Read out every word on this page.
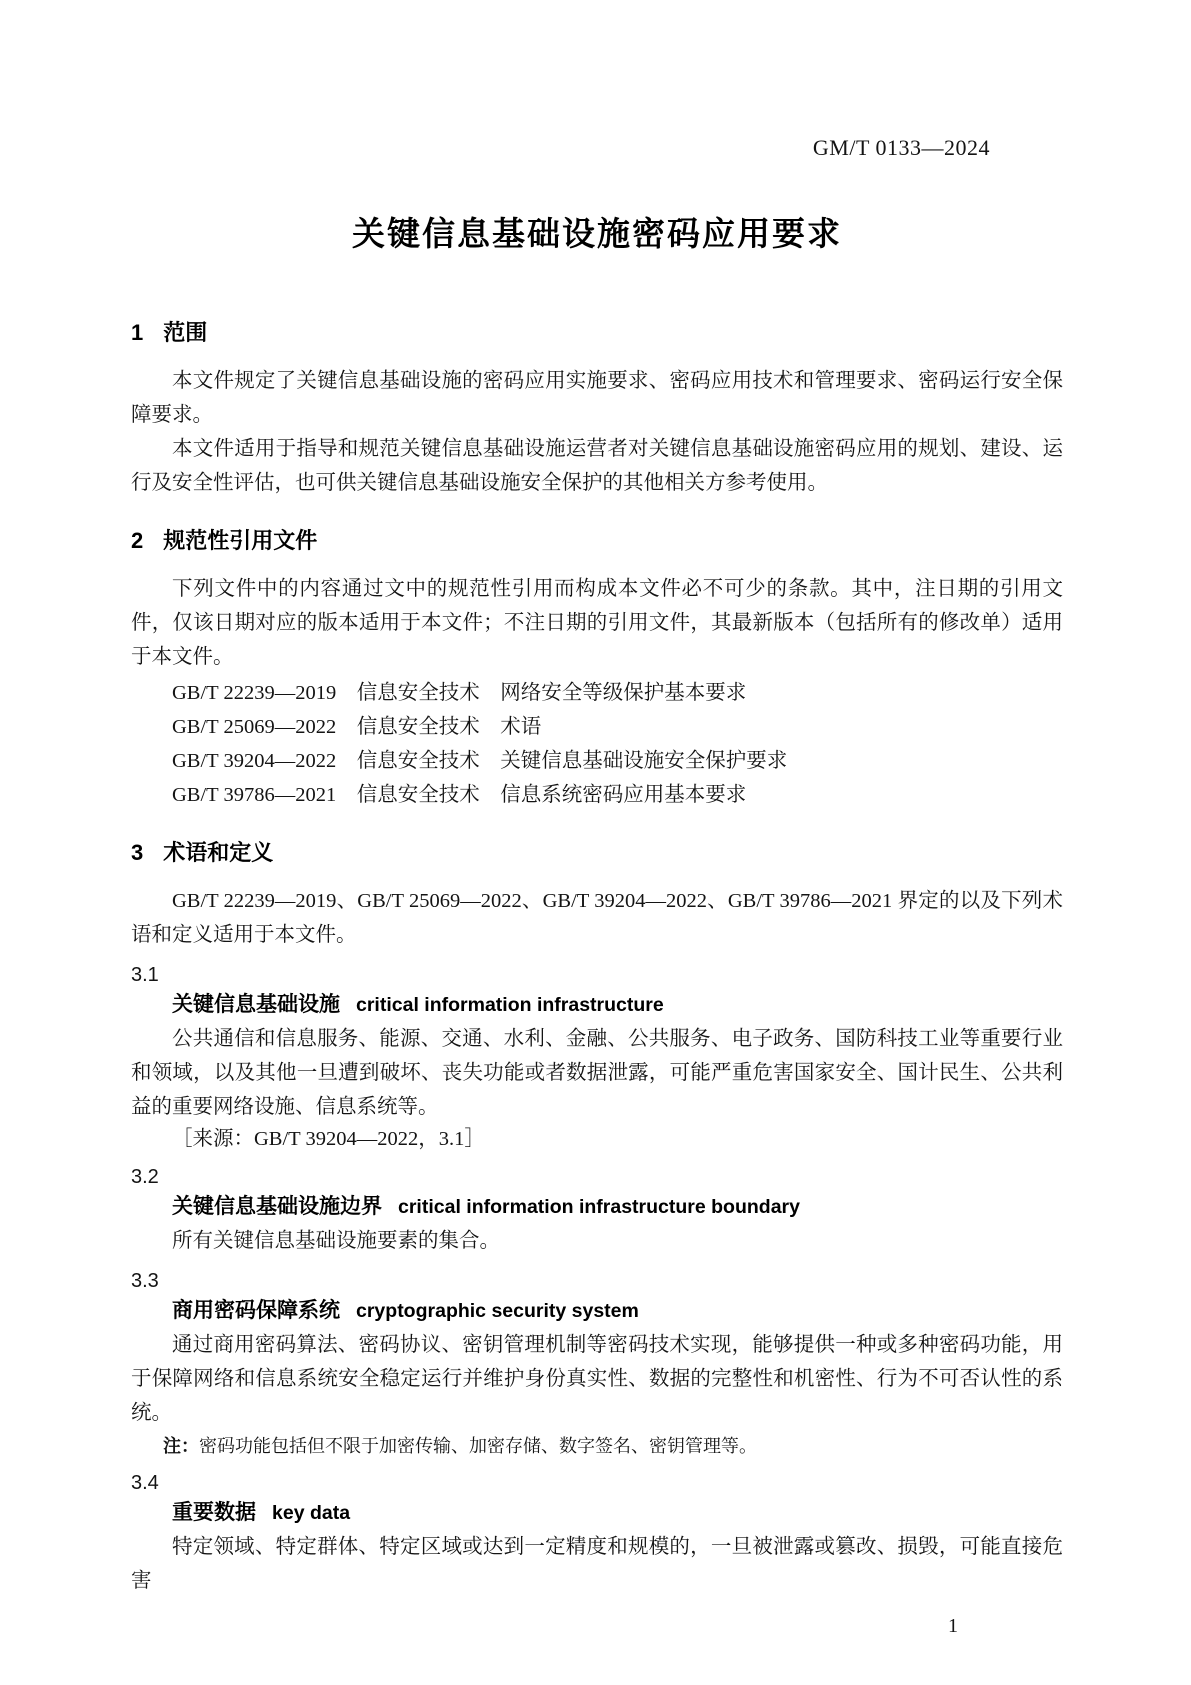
GM/T 0133—2024
关键信息基础设施密码应用要求
1 范围

本文件规定了关键信息基础设施的密码应用实施要求、密码应用技术和管理要求、密码运行安全保障要求。

本文件适用于指导和规范关键信息基础设施运营者对关键信息基础设施密码应用的规划、建设、运行及安全性评估，也可供关键信息基础设施安全保护的其他相关方参考使用。

2 规范性引用文件

下列文件中的内容通过文中的规范性引用而构成本文件必不可少的条款。其中，注日期的引用文件，仅该日期对应的版本适用于本文件；不注日期的引用文件，其最新版本（包括所有的修改单）适用于本文件。

GB/T 22239—2019　信息安全技术　网络安全等级保护基本要求

GB/T 25069—2022　信息安全技术　术语

GB/T 39204—2022　信息安全技术　关键信息基础设施安全保护要求

GB/T 39786—2021　信息安全技术　信息系统密码应用基本要求

3 术语和定义

GB/T 22239—2019、GB/T 25069—2022、GB/T 39204—2022、GB/T 39786—2021 界定的以及下列术语和定义适用于本文件。

3.1
关键信息基础设施 critical information infrastructure

公共通信和信息服务、能源、交通、水利、金融、公共服务、电子政务、国防科技工业等重要行业和领域，以及其他一旦遭到破坏、丧失功能或者数据泄露，可能严重危害国家安全、国计民生、公共利益的重要网络设施、信息系统等。

［来源：GB/T 39204—2022，3.1］

3.2
关键信息基础设施边界 critical information infrastructure boundary

所有关键信息基础设施要素的集合。

3.3
商用密码保障系统 cryptographic security system

通过商用密码算法、密码协议、密钥管理机制等密码技术实现，能够提供一种或多种密码功能，用于保障网络和信息系统安全稳定运行并维护身份真实性、数据的完整性和机密性、行为不可否认性的系统。

注：密码功能包括但不限于加密传输、加密存储、数字签名、密钥管理等。

3.4
重要数据 key data

特定领域、特定群体、特定区域或达到一定精度和规模的，一旦被泄露或篡改、损毁，可能直接危害

1
